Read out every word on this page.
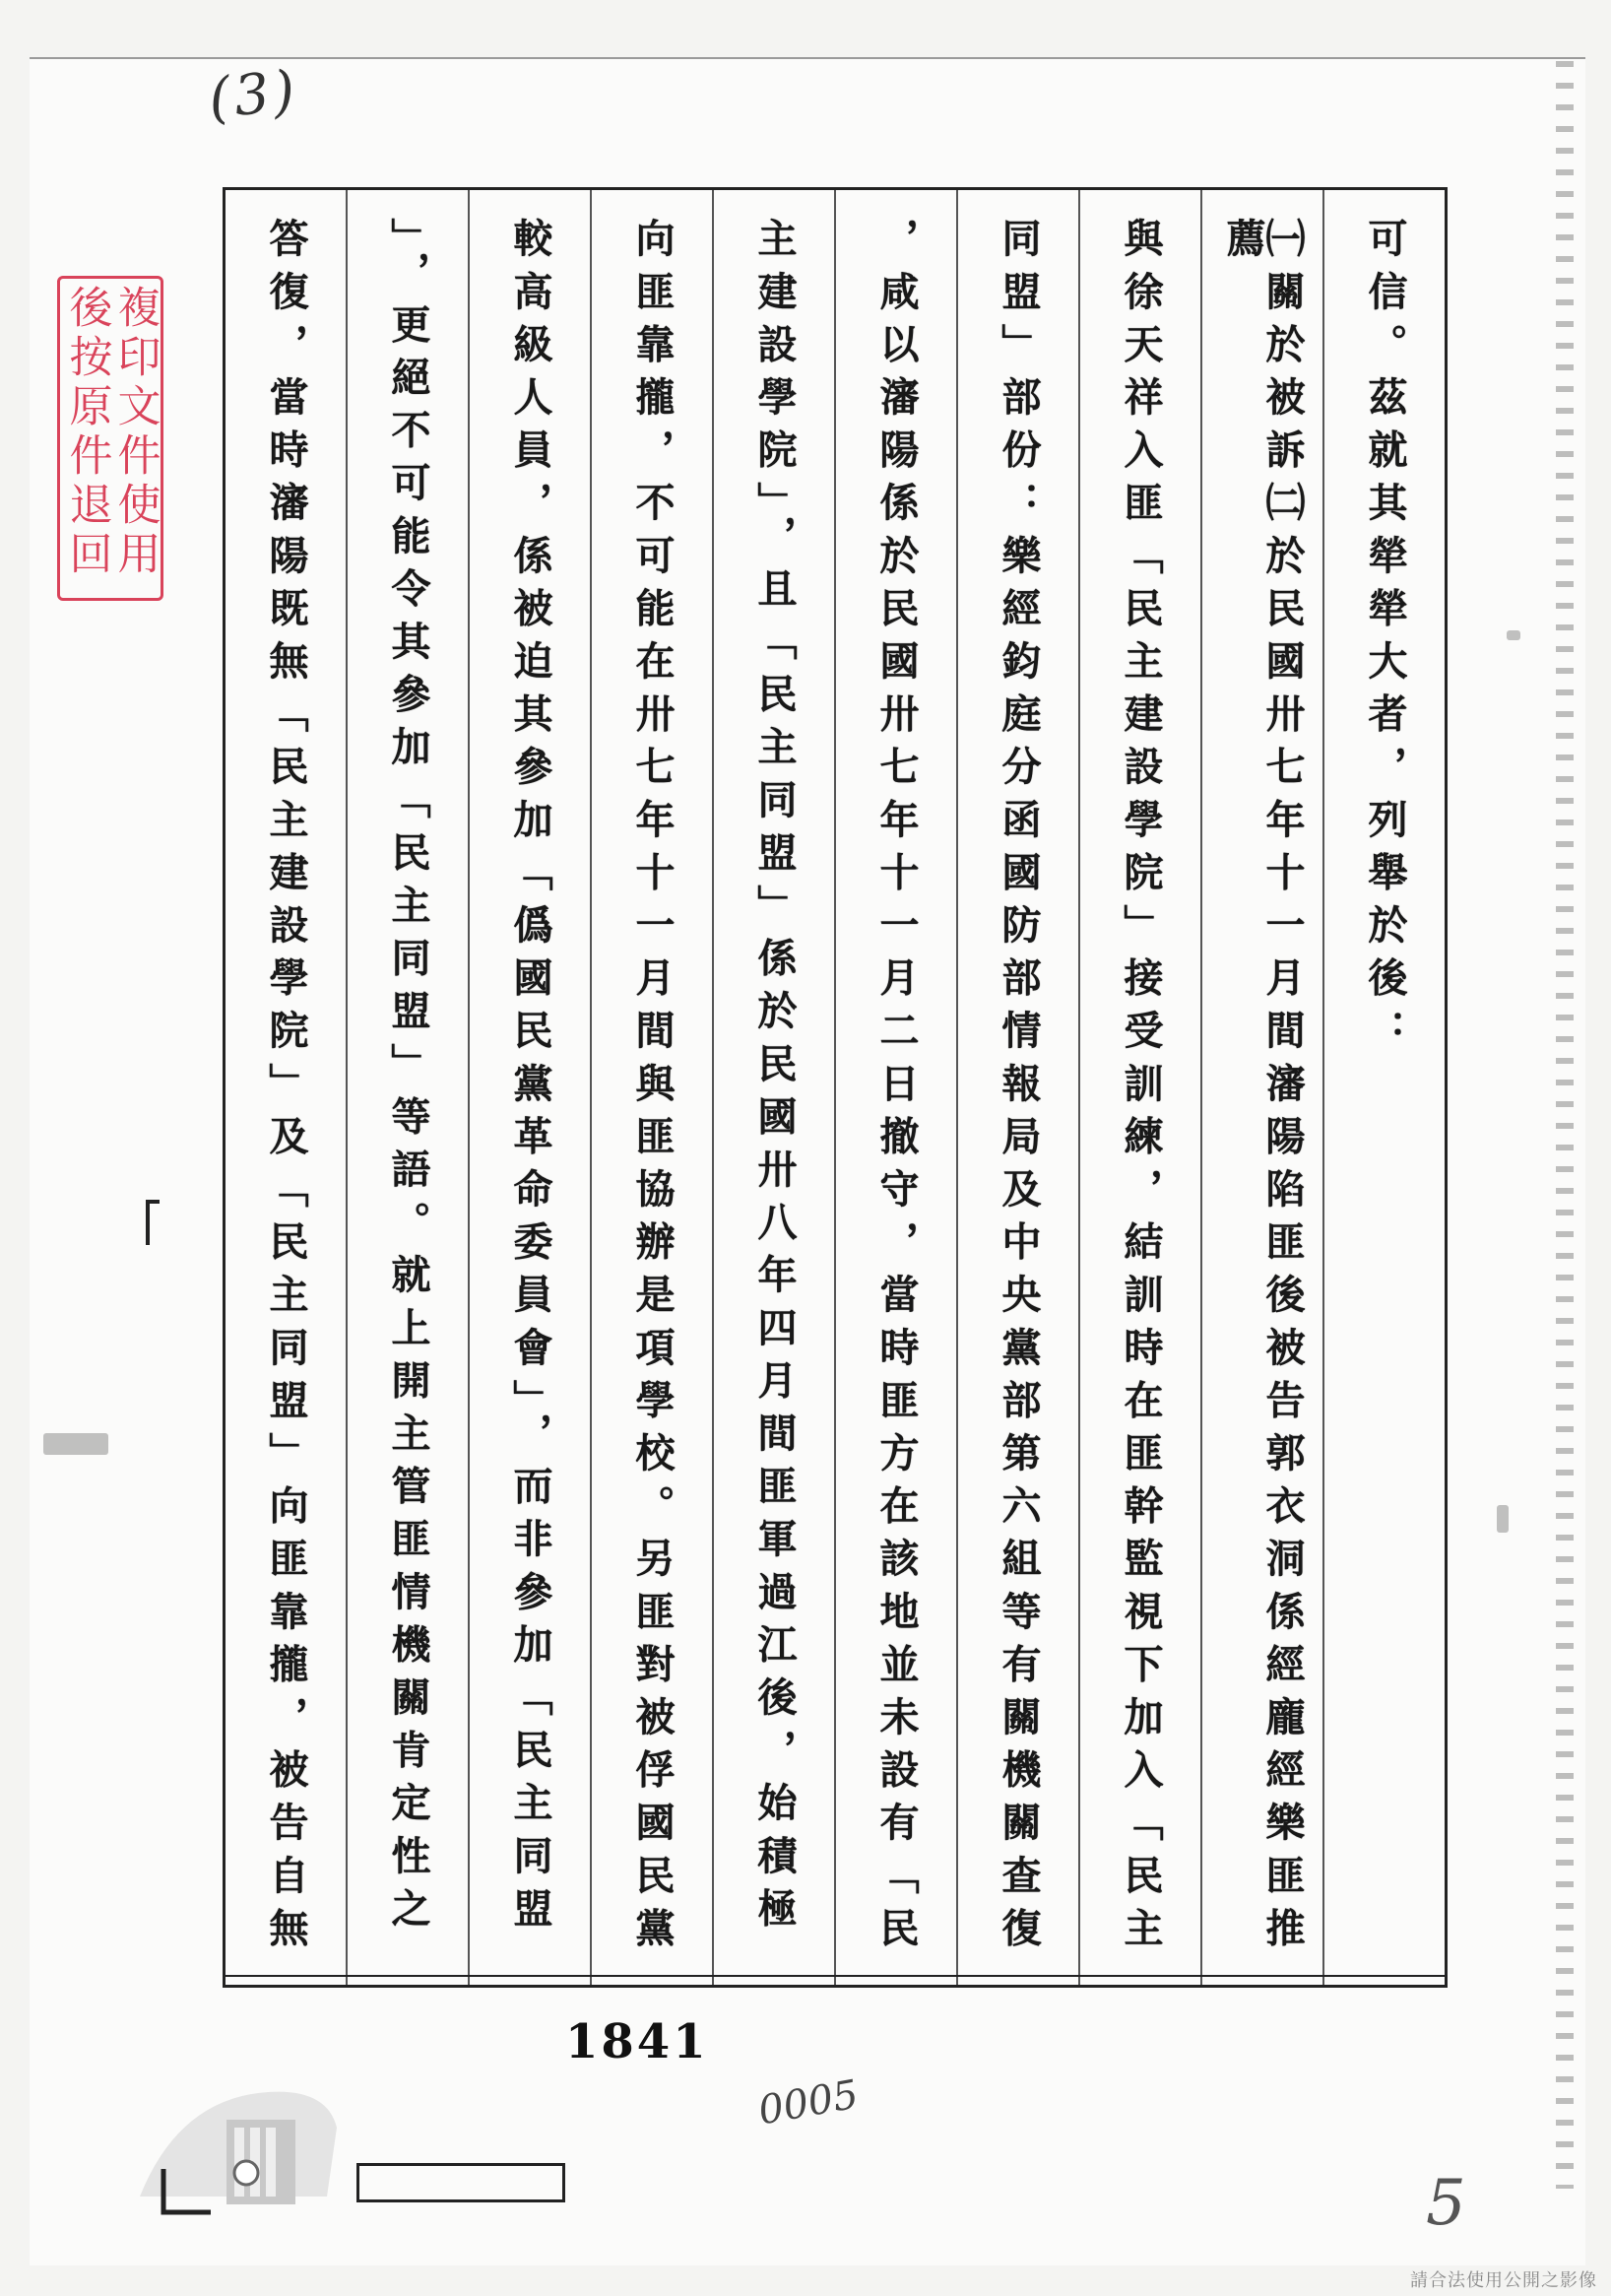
(3)
0005
5
複印文件使用
後按原件退回	可信。茲就其犖犖大者，列舉於後：
㈠關於被訴㈡於民國卅七年十一月間瀋陽陷匪後被告郭衣洞係經龐經樂匪推薦
與徐天祥入匪「民主建設學院」接受訓練，結訓時在匪幹監視下加入「民主
同盟」部份：樂經鈞庭分函國防部情報局及中央黨部第六組等有關機關查復
，咸以瀋陽係於民國卅七年十一月二日撤守，當時匪方在該地並未設有「民
主建設學院」，且「民主同盟」係於民國卅八年四月間匪軍過江後，始積極
向匪靠攏，不可能在卅七年十一月間與匪協辦是項學校。另匪對被俘國民黨
較高級人員，係被迫其參加「僞國民黨革命委員會」，而非參加「民主同盟
」，更絕不可能令其參加「民主同盟」等語。就上開主管匪情機關肯定性之
答復，當時瀋陽既無「民主建設學院」及「民主同盟」向匪靠攏，被告自無
1841
請合法使用公開之影像
